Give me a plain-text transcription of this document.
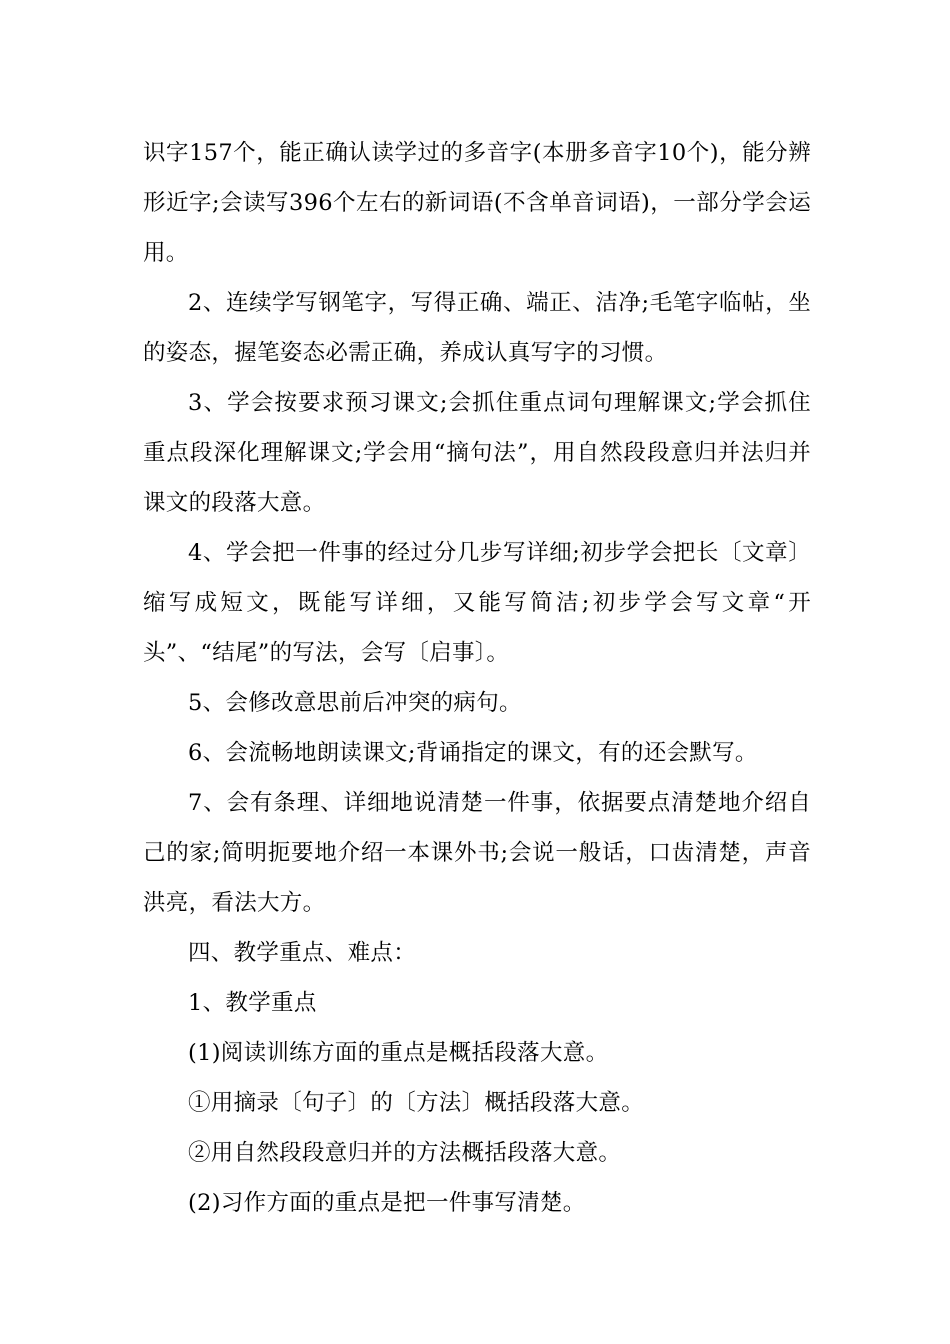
识字157个，能正确认读学过的多音字(本册多音字10个)，能分辨形近字;会读写396个左右的新词语(不含单音词语)，一部分学会运用。

2、连续学写钢笔字，写得正确、端正、洁净;毛笔字临帖，坐的姿态，握笔姿态必需正确，养成认真写字的习惯。

3、学会按要求预习课文;会抓住重点词句理解课文;学会抓住重点段深化理解课文;学会用“摘句法”，用自然段段意归并法归并课文的段落大意。

4、学会把一件事的经过分几步写详细;初步学会把长〔文章〕缩写成短文，既能写详细，又能写简洁;初步学会写文章“开头”、“结尾”的写法，会写〔启事〕。

5、会修改意思前后冲突的病句。

6、会流畅地朗读课文;背诵指定的课文，有的还会默写。

7、会有条理、详细地说清楚一件事，依据要点清楚地介绍自己的家;简明扼要地介绍一本课外书;会说一般话，口齿清楚，声音洪亮，看法大方。

四、教学重点、难点：

1、教学重点

(1)阅读训练方面的重点是概括段落大意。

①用摘录〔句子〕的〔方法〕概括段落大意。

②用自然段段意归并的方法概括段落大意。

(2)习作方面的重点是把一件事写清楚。
